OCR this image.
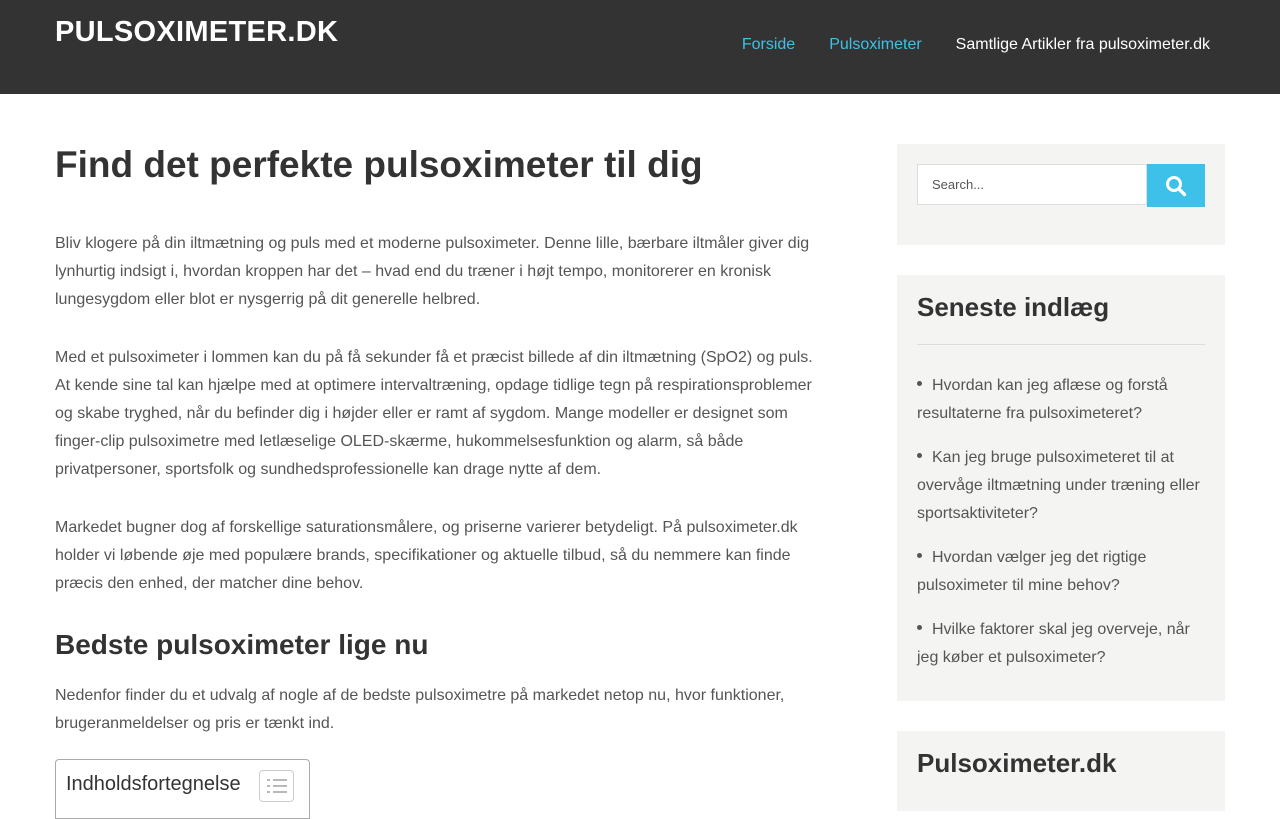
PULSOXIMETER.DK	Forside Pulsoximeter Samtlige Artikler fra pulsoximeter.dk
Find det perfekte pulsoximeter til dig

Bliv klogere på din iltmætning og puls med et moderne pulsoximeter. Denne lille, bærbare iltmåler giver dig lynhurtig indsigt i, hvordan kroppen har det – hvad end du træner i højt tempo, monitorerer en kronisk lungesygdom eller blot er nysgerrig på dit generelle helbred.

Med et pulsoximeter i lommen kan du på få sekunder få et præcist billede af din iltmætning (SpO2) og puls. At kende sine tal kan hjælpe med at optimere intervaltræning, opdage tidlige tegn på respirationsproblemer og skabe tryghed, når du befinder dig i højder eller er ramt af sygdom. Mange modeller er designet som finger-clip pulsoximetre med letlæselige OLED-skærme, hukommelsesfunktion og alarm, så både privatpersoner, sportsfolk og sundhedsprofessionelle kan drage nytte af dem.

Markedet bugner dog af forskellige saturationsmålere, og priserne varierer betydeligt. På pulsoximeter.dk holder vi løbende øje med populære brands, specifikationer og aktuelle tilbud, så du nemmere kan finde præcis den enhed, der matcher dine behov.

Bedste pulsoximeter lige nu

Nedenfor finder du et udvalg af nogle af de bedste pulsoximetre på markedet netop nu, hvor funktioner, brugeranmeldelser og pris er tænkt ind.

Indholdsfortegnelse
Search...
Seneste indlæg
Hvordan kan jeg aflæse og forstå resultaterne fra pulsoximeteret?
Kan jeg bruge pulsoximeteret til at overvåge iltmætning under træning eller sportsaktiviteter?
Hvordan vælger jeg det rigtige pulsoximeter til mine behov?
Hvilke faktorer skal jeg overveje, når jeg køber et pulsoximeter?
Pulsoximeter.dk
